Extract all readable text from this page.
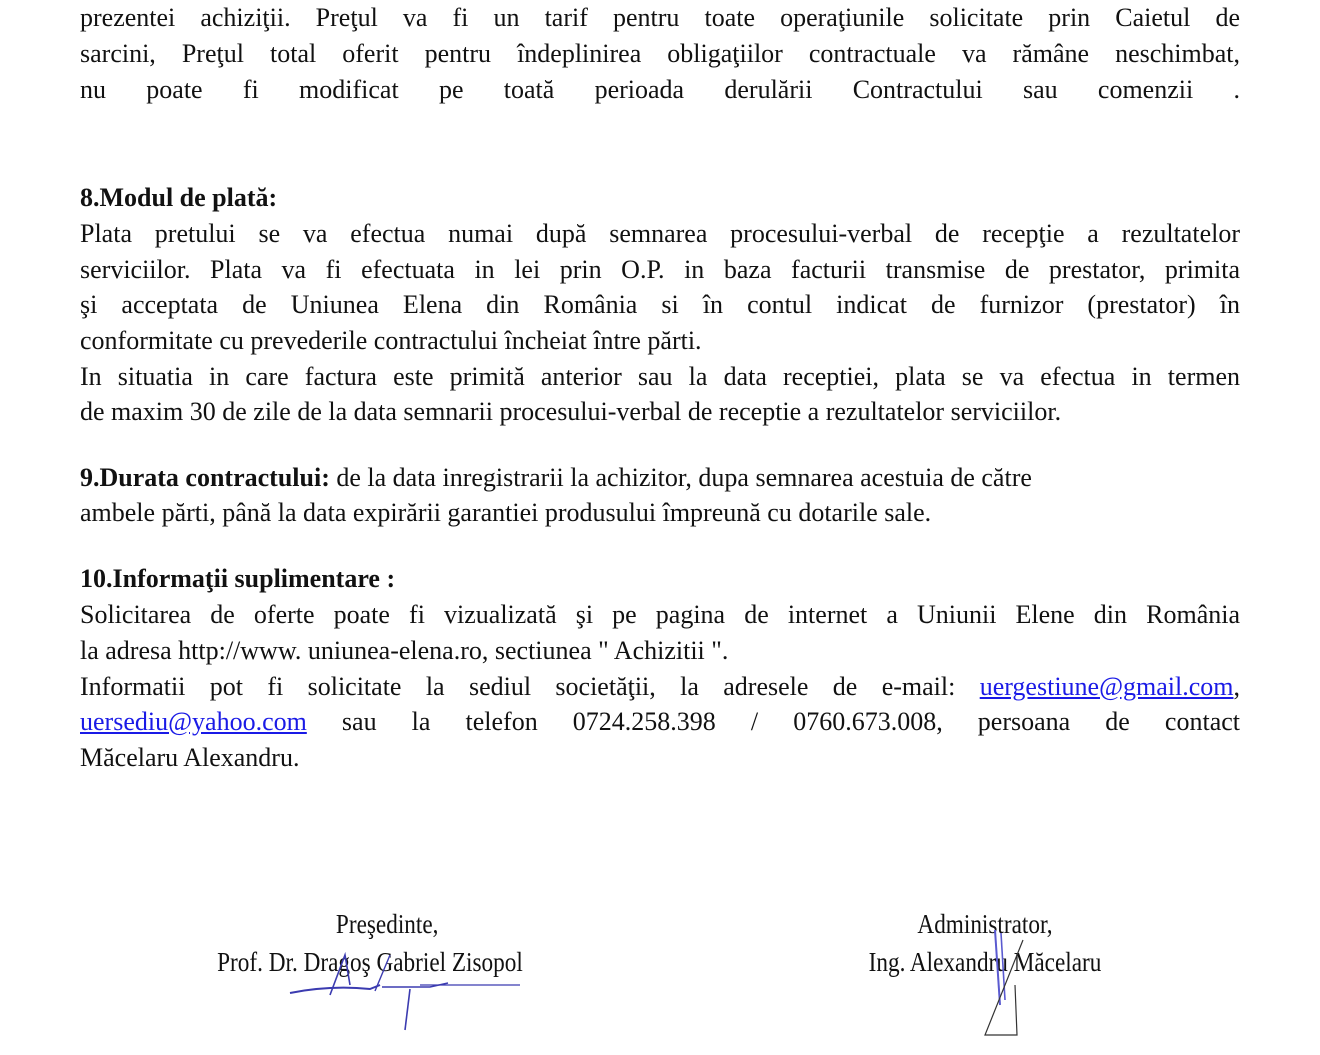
prezentei achiziţii. Preţul va fi un tarif pentru toate operaţiunile solicitate prin Caietul de
sarcini, Preţul total oferit pentru îndeplinirea obligaţiilor contractuale va rămâne neschimbat,
nu poate fi modificat pe toată perioada derulării Contractului sau comenzii .
8.Modul de plată:
Plata pretului se va efectua numai după semnarea procesului-verbal de recepţie a rezultatelor
serviciilor. Plata va fi efectuata in lei prin O.P. in baza facturii transmise de prestator, primita
şi acceptata de Uniunea Elena din România si în contul indicat de furnizor (prestator) în
conformitate cu prevederile contractului încheiat între părti.
In situatia in care factura este primită anterior sau la data receptiei, plata se va efectua in termen
de maxim 30 de zile de la data semnarii procesului-verbal de receptie a rezultatelor serviciilor.
9.Durata contractului: de la data inregistrarii la achizitor, dupa semnarea acestuia de către
ambele părti, până la data expirării garantiei produsului împreună cu dotarile sale.
10.Informaţii suplimentare :
Solicitarea de oferte poate fi vizualizată şi pe pagina de internet a Uniunii Elene din România
la adresa http://www. uniunea-elena.ro, sectiunea " Achizitii ".
Informatii pot fi solicitate la sediul societăţii, la adresele de e-mail: uergestiune@gmail.com,
uersediu@yahoo.com sau la telefon 0724.258.398 / 0760.673.008, persoana de contact
Măcelaru Alexandru.
Preşedinte,
Prof. Dr. Dragoş Gabriel Zisopol
Administrator,
Ing. Alexandru Măcelaru
